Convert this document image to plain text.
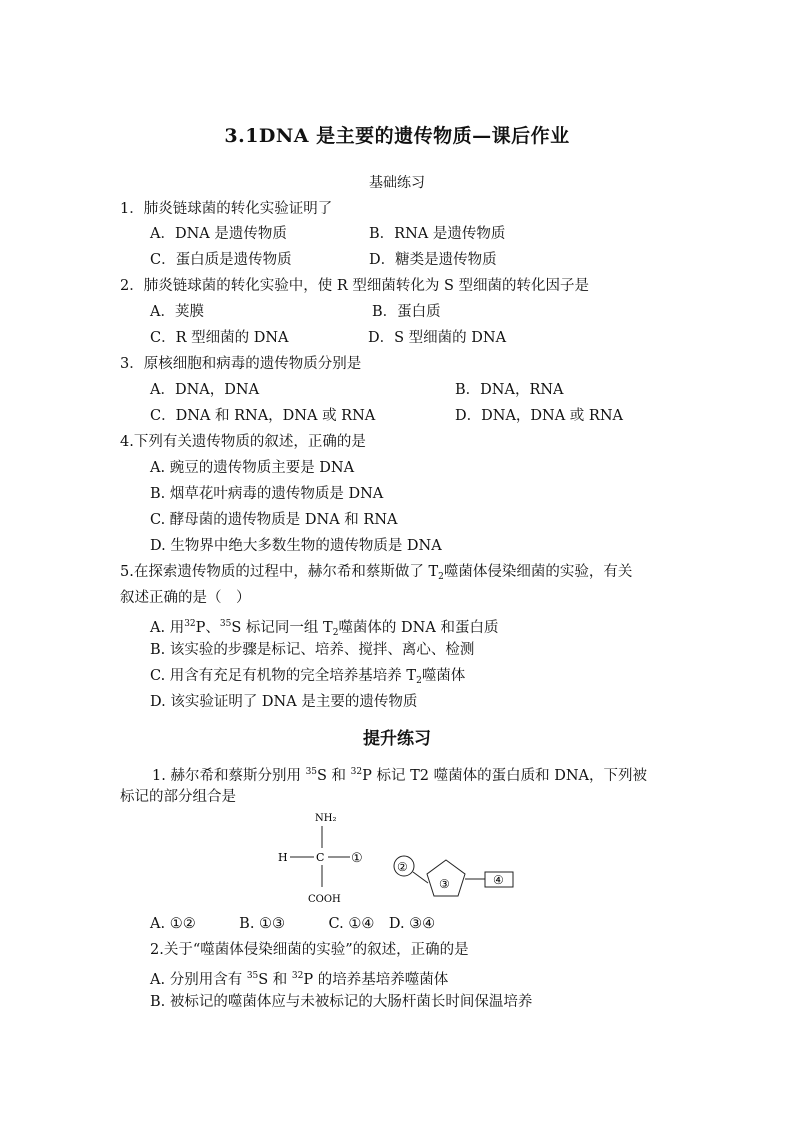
3.1DNA 是主要的遗传物质—课后作业
基础练习
1．肺炎链球菌的转化实验证明了
A．DNA 是遗传物质	B．RNA 是遗传物质
C．蛋白质是遗传物质	D．糖类是遗传物质
2．肺炎链球菌的转化实验中，使 R 型细菌转化为 S 型细菌的转化因子是
A．荚膜	B．蛋白质
C．R 型细菌的 DNA	D．S 型细菌的 DNA
3．原核细胞和病毒的遗传物质分别是
A．DNA，DNA	B．DNA，RNA
C．DNA 和 RNA，DNA 或 RNA	D．DNA，DNA 或 RNA
4.下列有关遗传物质的叙述，正确的是
A. 豌豆的遗传物质主要是 DNA
B. 烟草花叶病毒的遗传物质是 DNA
C. 酵母菌的遗传物质是 DNA 和 RNA
D. 生物界中绝大多数生物的遗传物质是 DNA
5.在探索遗传物质的过程中，赫尔希和蔡斯做了 $T_2$噬菌体侵染细菌的实验，有关
叙述正确的是（　）
A. 用$^{32}$P、$^{35}$S 标记同一组 $T_2$噬菌体的 DNA 和蛋白质
B. 该实验的步骤是标记、培养、搅拌、离心、检测
C. 用含有充足有机物的完全培养基培养 $T_2$噬菌体
D. 该实验证明了 DNA 是主要的遗传物质
提升练习
1. 赫尔希和蔡斯分别用 $^{35}$S 和 $^{32}$P 标记 T2 噬菌体的蛋白质和 DNA，下列被
标记的部分组合是
NH₂
H	C ①
COOH
②
③	④
A. ①②　　　B. ①③　　　C. ①④　D. ③④
2.关于“噬菌体侵染细菌的实验”的叙述，正确的是
A. 分别用含有 $^{35}$S 和 $^{32}$P 的培养基培养噬菌体
B. 被标记的噬菌体应与未被标记的大肠杆菌长时间保温培养
